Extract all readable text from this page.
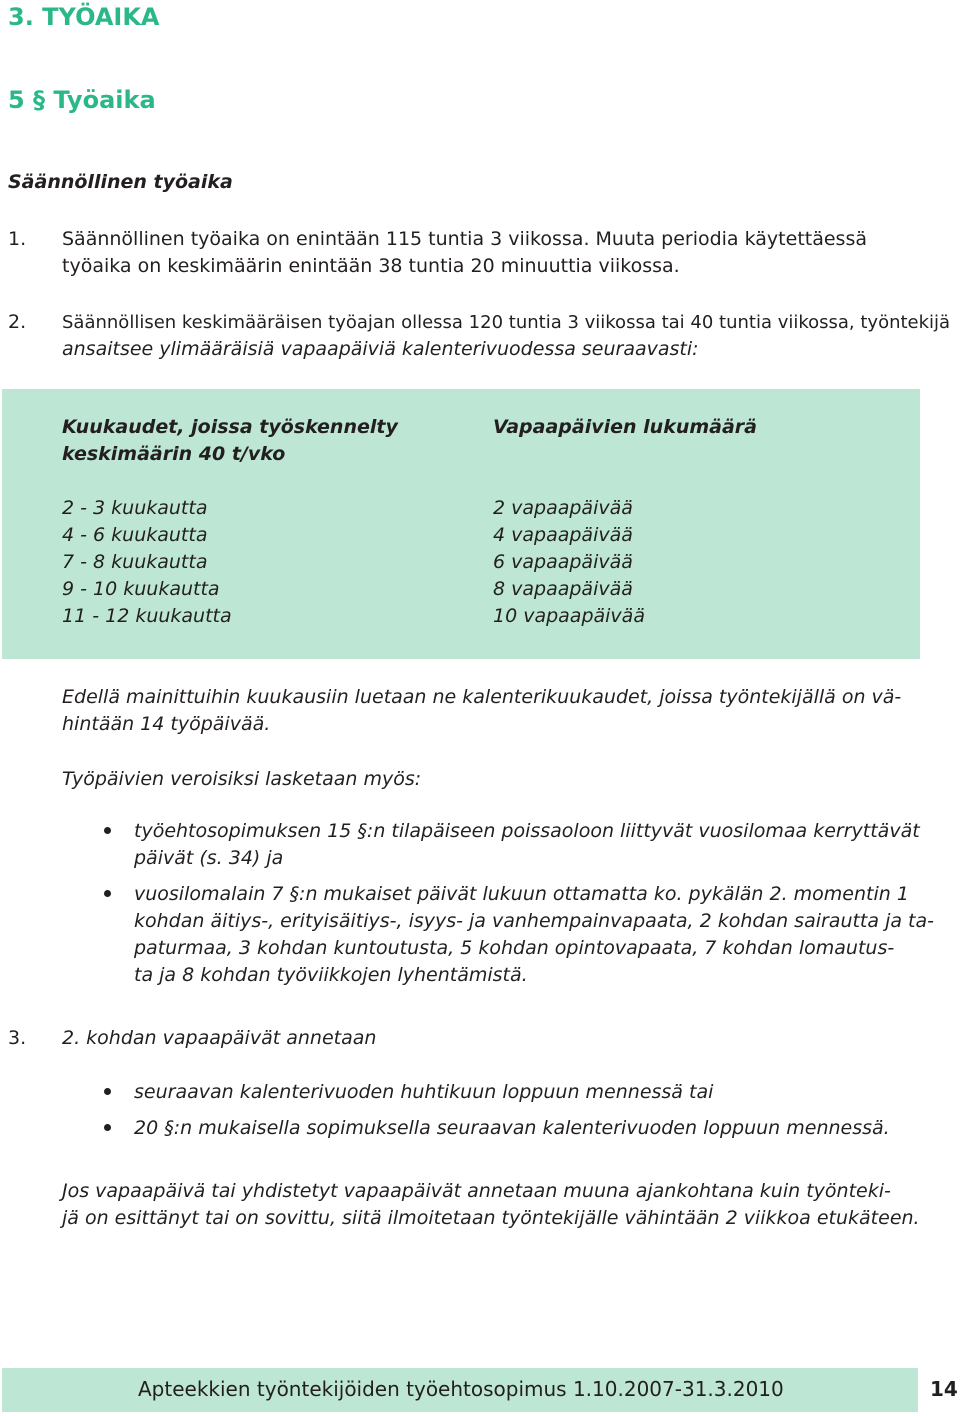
3. TYÖAIKA
5 § Työaika
Säännöllinen työaika
1. Säännöllinen työaika on enintään 115 tuntia 3 viikossa. Muuta periodia käytettäessä
työaika on keskimäärin enintään 38 tuntia 20 minuuttia viikossa.
2. Säännöllisen keskimääräisen työajan ollessa 120 tuntia 3 viikossa tai 40 tuntia viikossa, työntekijä
ansaitsee ylimääräisiä vapaapäiviä kalenterivuodessa seuraavasti:
Kuukaudet, joissa työskennelty
keskimäärin 40 t/vko
Vapaapäivien lukumäärä
2 - 3 kuukautta	2 vapaapäivää
4 - 6 kuukautta	4 vapaapäivää
7 - 8 kuukautta	6 vapaapäivää
9 - 10 kuukautta	8 vapaapäivää
11 - 12 kuukautta	10 vapaapäivää
Edellä mainittuihin kuukausiin luetaan ne kalenterikuukaudet, joissa työntekijällä on vä-
hintään 14 työpäivää.
Työpäivien veroisiksi lasketaan myös:
työehtosopimuksen 15 §:n tilapäiseen poissaoloon liittyvät vuosilomaa kerryttävät
päivät (s. 34) ja
vuosilomalain 7 §:n mukaiset päivät lukuun ottamatta ko. pykälän 2. momentin 1
kohdan äitiys-, erityisäitiys-, isyys- ja vanhempainvapaata, 2 kohdan sairautta ja ta-
paturmaa, 3 kohdan kuntoutusta, 5 kohdan opintovapaata, 7 kohdan lomautus-
ta ja 8 kohdan työviikkojen lyhentämistä.
3. 2. kohdan vapaapäivät annetaan
seuraavan kalenterivuoden huhtikuun loppuun mennessä tai
20 §:n mukaisella sopimuksella seuraavan kalenterivuoden loppuun mennessä.
Jos vapaapäivä tai yhdistetyt vapaapäivät annetaan muuna ajankohtana kuin työnteki-
jä on esittänyt tai on sovittu, siitä ilmoitetaan työntekijälle vähintään 2 viikkoa etukäteen.
Apteekkien työntekijöiden työehtosopimus 1.10.2007-31.3.2010	14
